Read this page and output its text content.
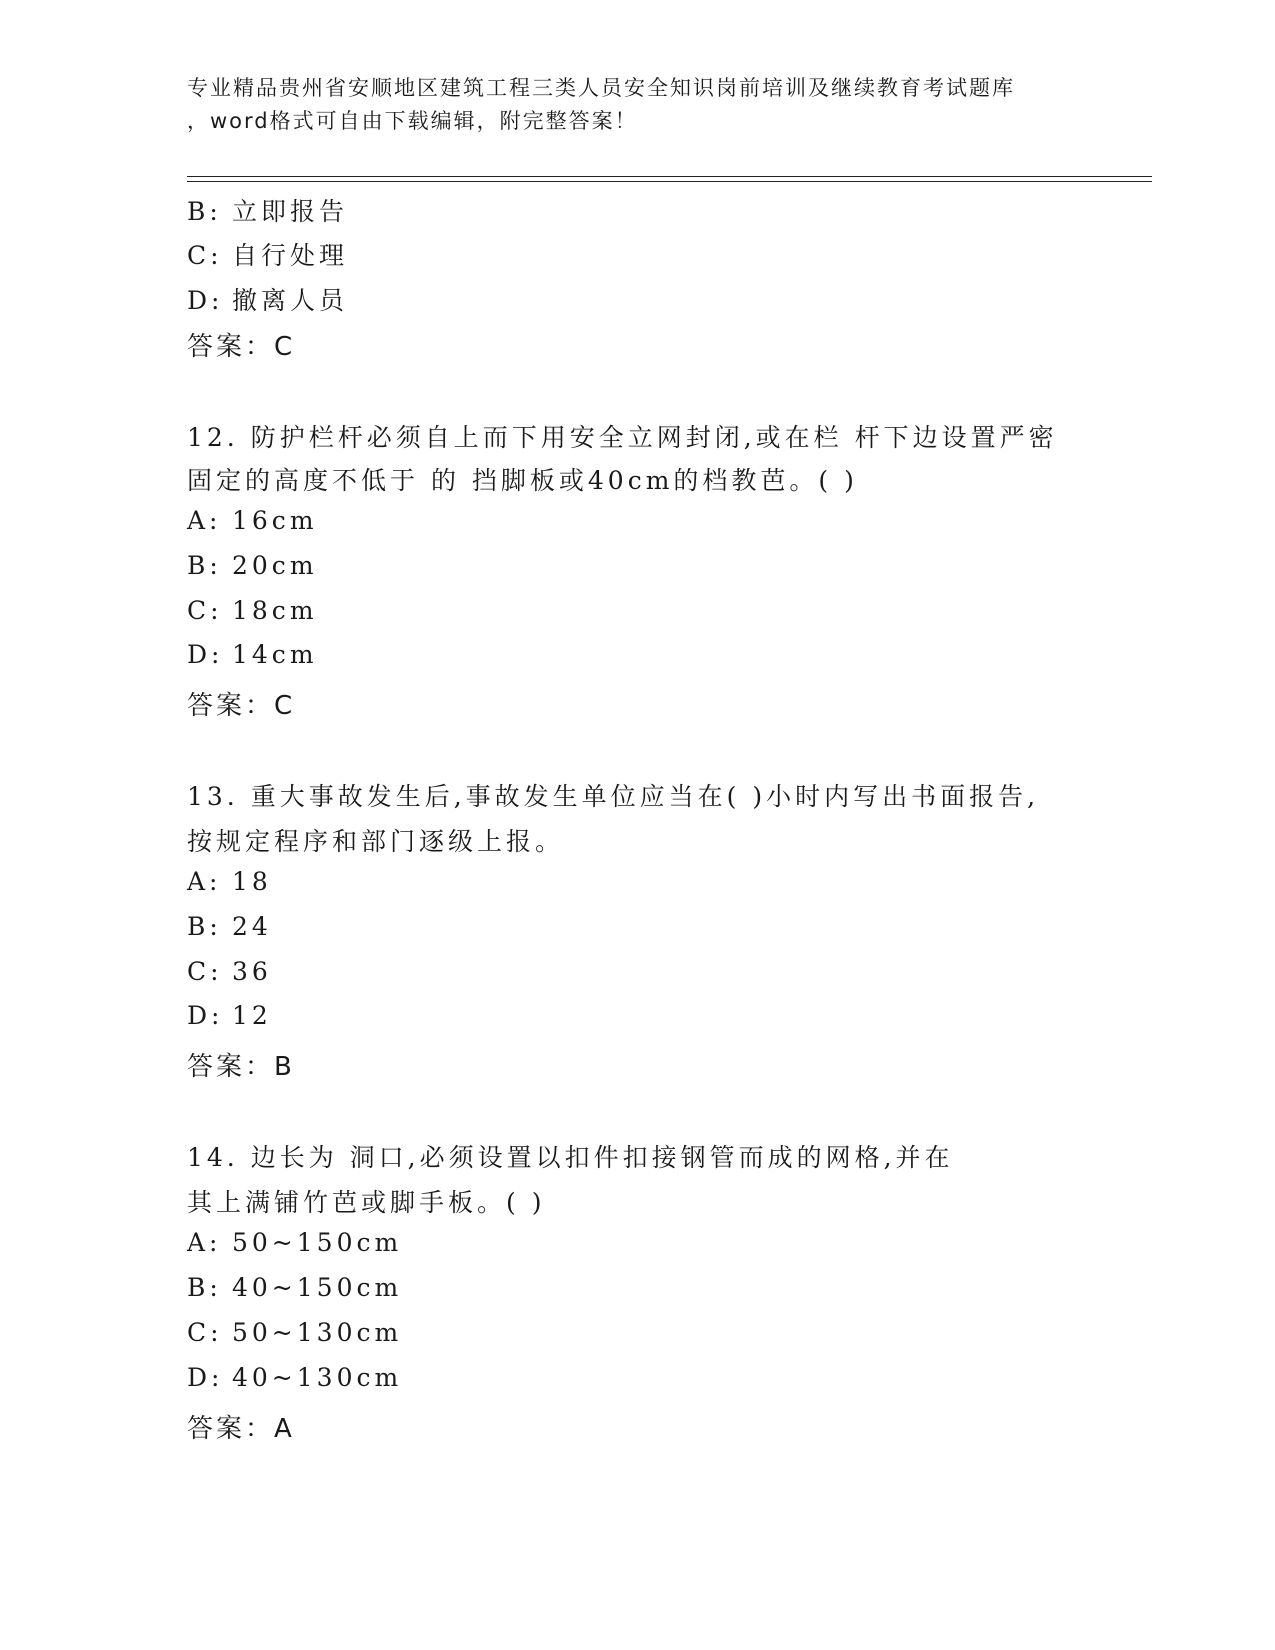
专业精品贵州省安顺地区建筑工程三类人员安全知识岗前培训及继续教育考试题库
，word格式可自由下载编辑，附完整答案！
B: 立即报告
C: 自行处理
D: 撤离人员
答案：C
12. 防护栏杆必须自上而下用安全立网封闭,或在栏 杆下边设置严密
固定的高度不低于 的 挡脚板或40cm的档教芭。( )
A: 16cm
B: 20cm
C: 18cm
D: 14cm
答案：C
13. 重大事故发生后,事故发生单位应当在( )小时内写出书面报告,
按规定程序和部门逐级上报。
A: 18
B: 24
C: 36
D: 12
答案：B
14. 边长为 洞口,必须设置以扣件扣接钢管而成的网格,并在
其上满铺竹芭或脚手板。( )
A: 50~150cm
B: 40~150cm
C: 50~130cm
D: 40~130cm
答案：A
